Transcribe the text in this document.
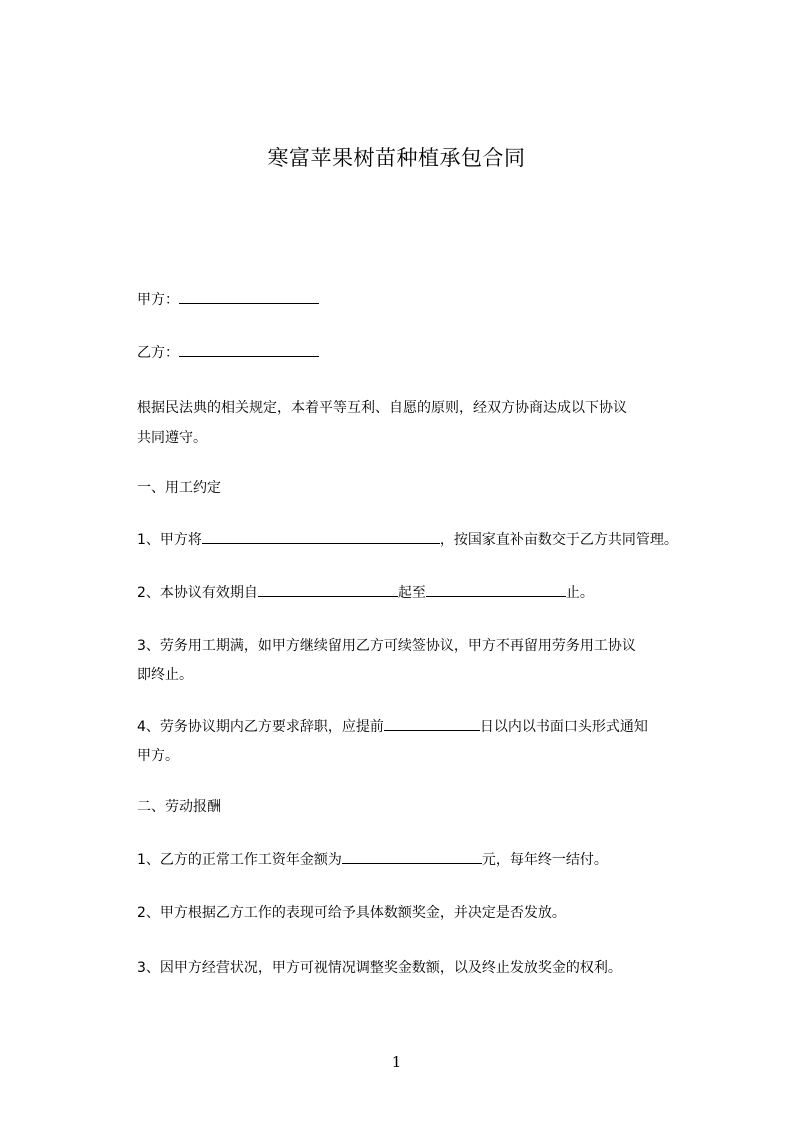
寒富苹果树苗种植承包合同
甲方：
乙方：
根据民法典的相关规定，本着平等互利、自愿的原则，经双方协商达成以下协议
共同遵守。
一、用工约定
1、甲方将	，按国家直补亩数交于乙方共同管理。
2、本协议有效期自	起至	止。
3、劳务用工期满，如甲方继续留用乙方可续签协议，甲方不再留用劳务用工协议
即终止。
4、劳务协议期内乙方要求辞职，应提前	日以内以书面口头形式通知
甲方。
二、劳动报酬
1、乙方的正常工作工资年金额为	元，每年终一结付。
2、甲方根据乙方工作的表现可给予具体数额奖金，并决定是否发放。
3、因甲方经营状况，甲方可视情况调整奖金数额，以及终止发放奖金的权利。
1
